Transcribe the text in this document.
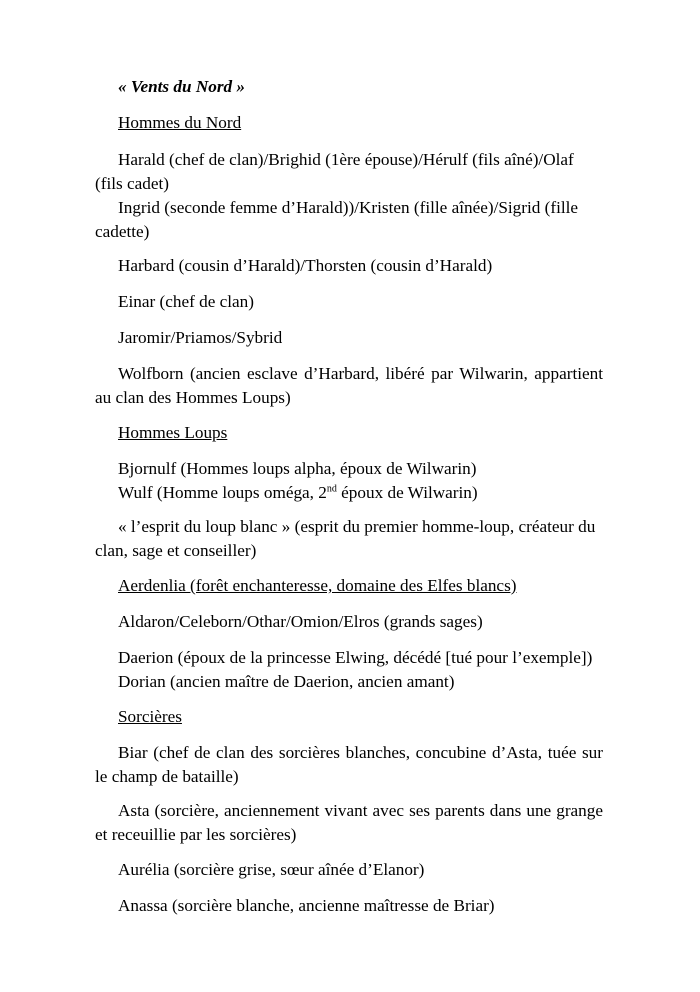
« Vents du Nord »

Hommes du Nord

Harald (chef de clan)/Brighid (1ère épouse)/Hérulf (fils aîné)/Olaf (fils cadet)

Ingrid (seconde femme d’Harald))/Kristen (fille aînée)/Sigrid (fille cadette)

Harbard (cousin d’Harald)/Thorsten (cousin d’Harald)

Einar (chef de clan)

Jaromir/Priamos/Sybrid

Wolfborn (ancien esclave d’Harbard, libéré par Wilwarin, appartient au clan des Hommes Loups)

Hommes Loups

Bjornulf (Hommes loups alpha, époux de Wilwarin)

Wulf (Homme loups oméga, 2nd époux de Wilwarin)

« l’esprit du loup blanc » (esprit du premier homme-loup, créateur du clan, sage et conseiller)

Aerdenlia (forêt enchanteresse, domaine des Elfes blancs)

Aldaron/Celeborn/Othar/Omion/Elros (grands sages)

Daerion (époux de la princesse Elwing, décédé [tué pour l’exemple])

Dorian (ancien maître de Daerion, ancien amant)

Sorcières

Biar (chef de clan des sorcières blanches, concubine d’Asta, tuée sur le champ de bataille)

Asta (sorcière, anciennement vivant avec ses parents dans une grange et receuillie par les sorcières)

Aurélia (sorcière grise, sœur aînée d’Elanor)

Anassa (sorcière blanche, ancienne maîtresse de Briar)
